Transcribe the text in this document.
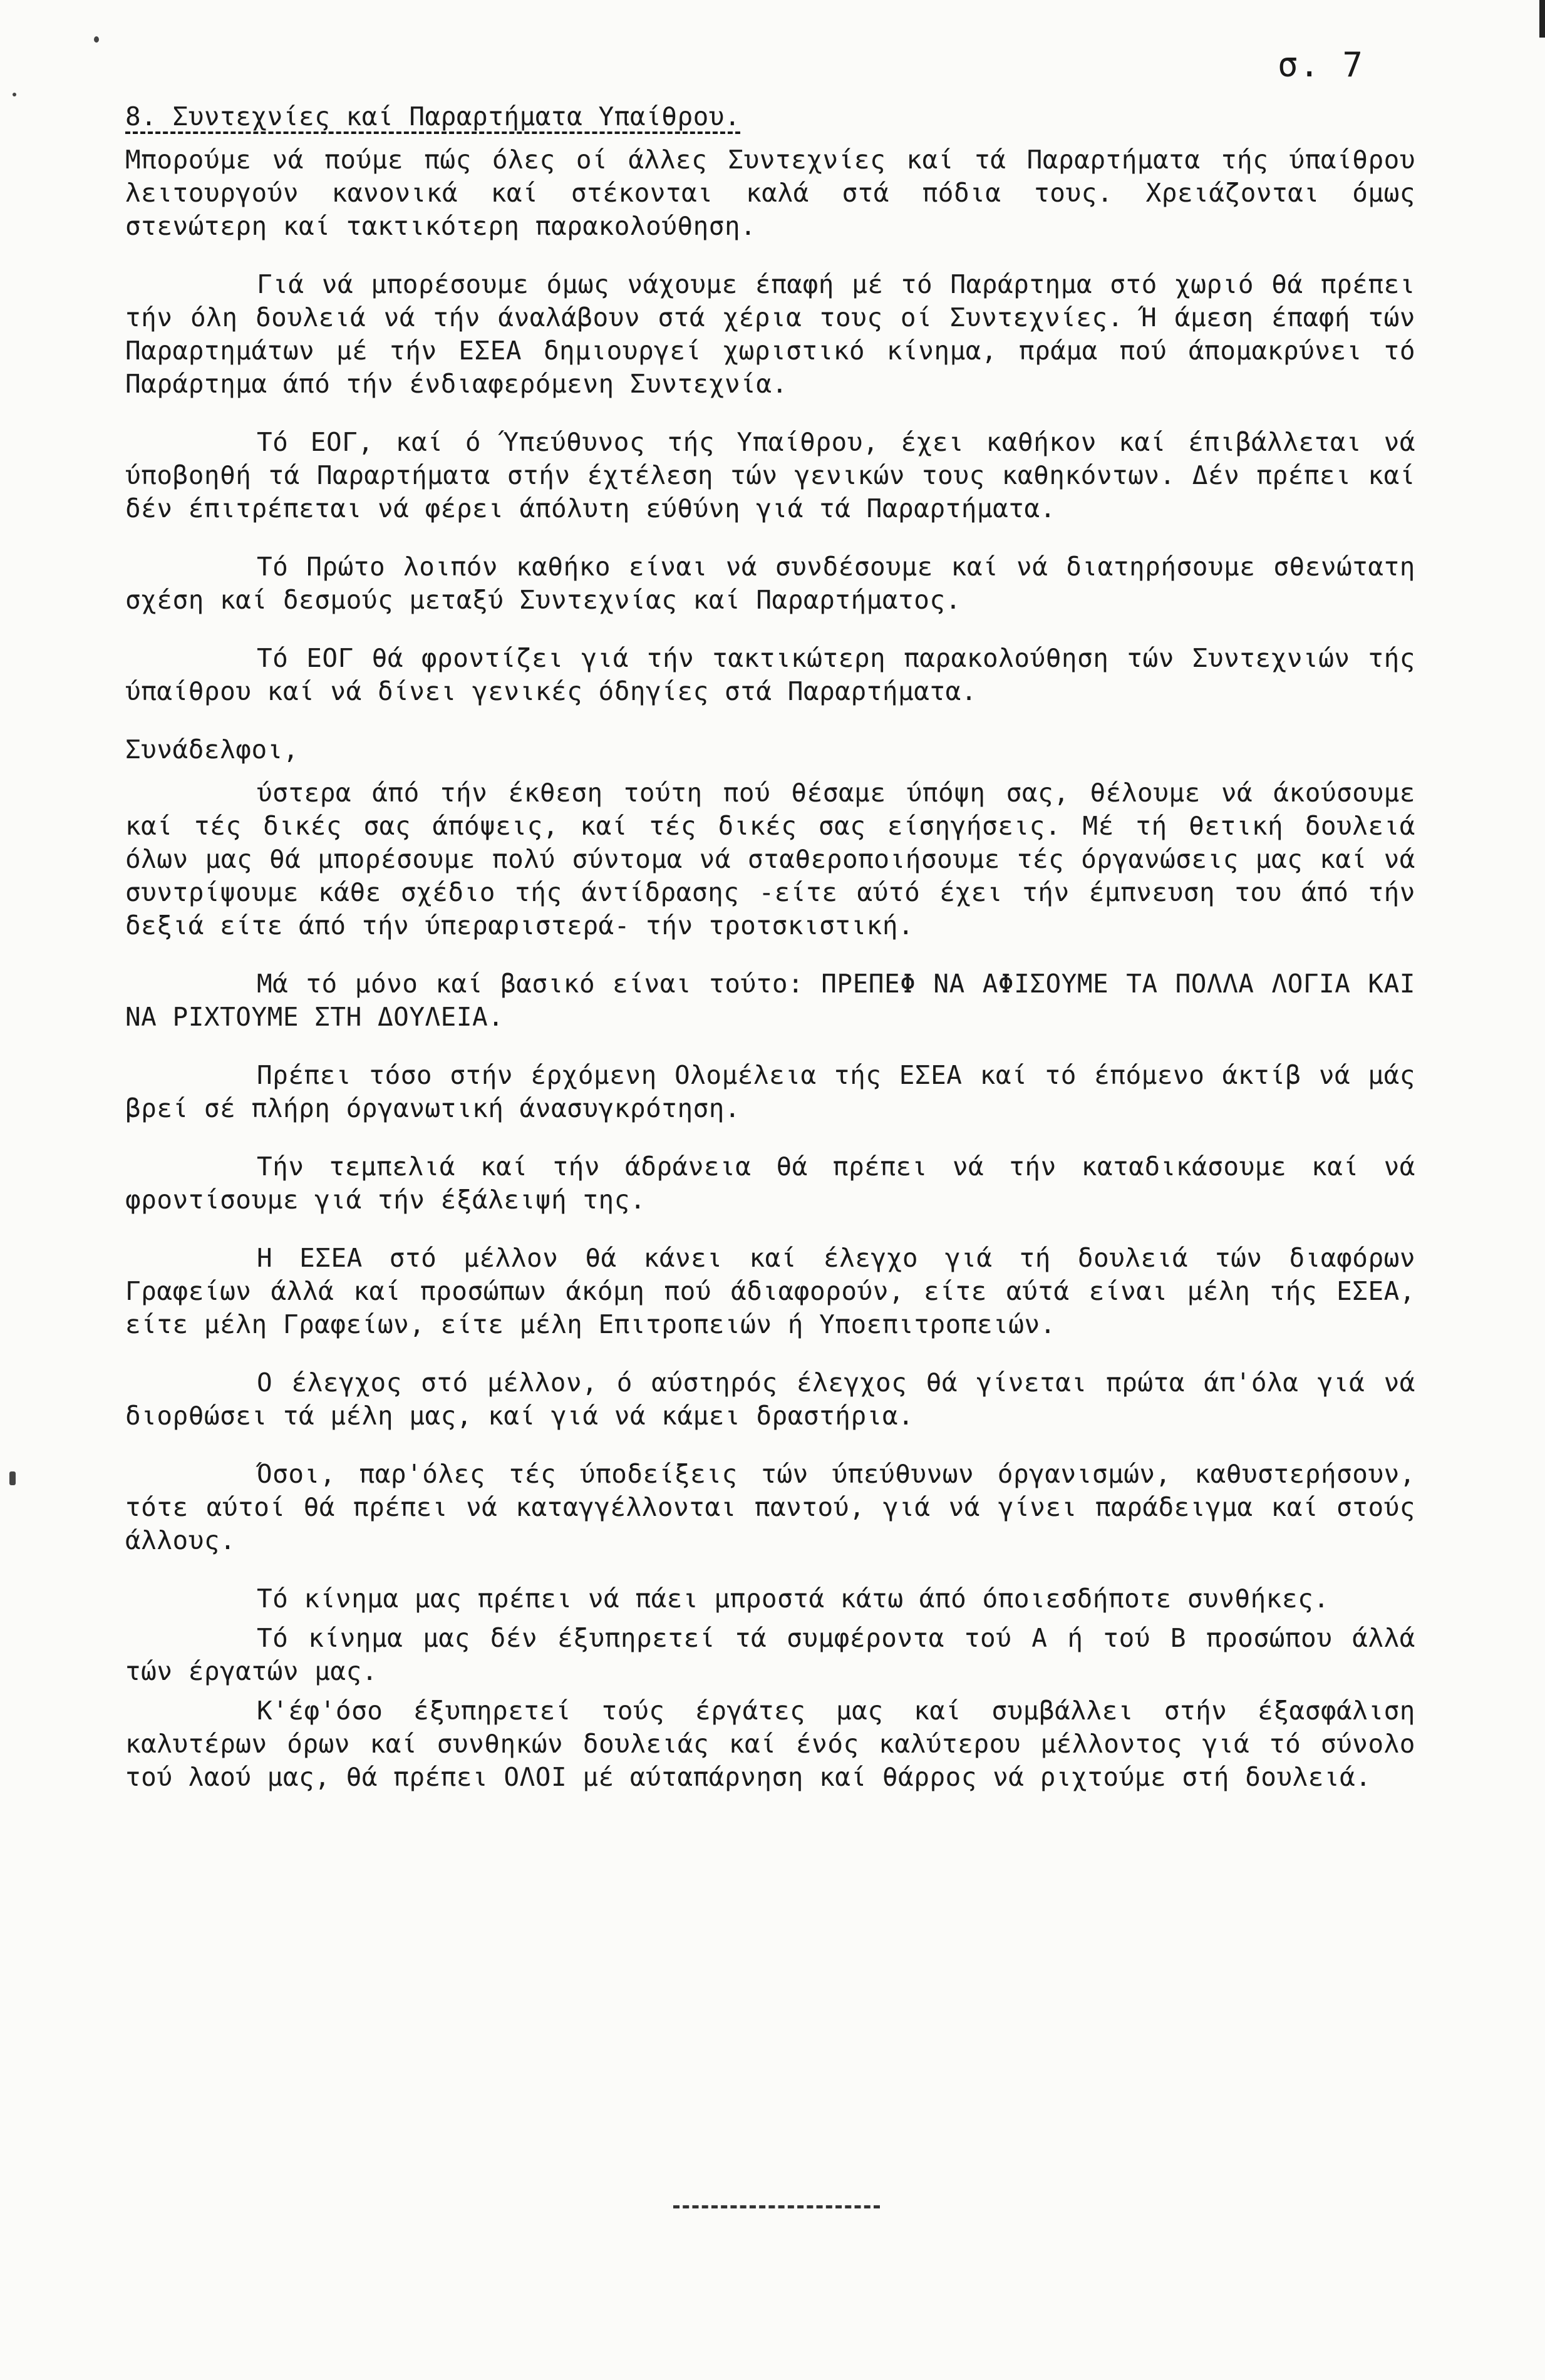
σ. 7

8. Συντεχνίες καί Παραρτήματα Υπαίθρου.

Μπορούμε νά πούμε πώς όλες οί άλλες Συντεχνίες καί τά Παραρτήματα τής ύπαίθρου λειτουργούν κανονικά καί στέκονται καλά στά πόδια τους. Χρειάζονται όμως στενώτερη καί τακτικότερη παρακολούθηση.

Γιά νά μπορέσουμε όμως νάχουμε έπαφή μέ τό Παράρτημα στό χωριό θά πρέπει τήν όλη δουλειά νά τήν άναλάβουν στά χέρια τους οί Συντεχνίες. Ή άμεση έπαφή τών Παραρτημάτων μέ τήν ΕΣΕΑ δημιουργεί χωριστικό κίνημα, πράμα πού άπομακρύνει τό Παράρτημα άπό τήν ένδιαφερόμενη Συντεχνία.

Τό ΕΟΓ, καί ό Ύπεύθυνος τής Υπαίθρου, έχει καθήκον καί έπιβάλλεται νά ύποβοηθή τά Παραρτήματα στήν έχτέλεση τών γενικών τους καθηκόντων. Δέν πρέπει καί δέν έπιτρέπεται νά φέρει άπόλυτη εύθύνη γιά τά Παραρτήματα.

Τό Πρώτο λοιπόν καθήκο είναι νά συνδέσουμε καί νά διατηρήσουμε σθενώτατη σχέση καί δεσμούς μεταξύ Συντεχνίας καί Παραρτήματος.

Τό ΕΟΓ θά φροντίζει γιά τήν τακτικώτερη παρακολούθηση τών Συντεχνιών τής ύπαίθρου καί νά δίνει γενικές όδηγίες στά Παραρτήματα.

Συνάδελφοι,

ύστερα άπό τήν έκθεση τούτη πού θέσαμε ύπόψη σας, θέλουμε νά άκούσουμε καί τές δικές σας άπόψεις, καί τές δικές σας είσηγήσεις. Μέ τή θετική δουλειά όλων μας θά μπορέσουμε πολύ σύντομα νά σταθεροποιήσουμε τές όργανώσεις μας καί νά συντρίψουμε κάθε σχέδιο τής άντίδρασης -είτε αύτό έχει τήν έμπνευση του άπό τήν δεξιά είτε άπό τήν ύπεραριστερά- τήν τροτσκιστική.

Μά τό μόνο καί βασικό είναι τούτο: ΠΡΕΠΕΦ ΝΑ ΑΦΙΣΟΥΜΕ ΤΑ ΠΟΛΛΑ ΛΟΓΙΑ ΚΑΙ ΝΑ ΡΙΧΤΟΥΜΕ ΣΤΗ ΔΟΥΛΕΙΑ.

Πρέπει τόσο στήν έρχόμενη Ολομέλεια τής ΕΣΕΑ καί τό έπόμενο άκτίβ νά μάς βρεί σέ πλήρη όργανωτική άνασυγκρότηση.

Τήν τεμπελιά καί τήν άδράνεια θά πρέπει νά τήν καταδικάσουμε καί νά φροντίσουμε γιά τήν έξάλειψή της.

Η ΕΣΕΑ στό μέλλον θά κάνει καί έλεγχο γιά τή δουλειά τών διαφόρων Γραφείων άλλά καί προσώπων άκόμη πού άδιαφορούν, είτε αύτά είναι μέλη τής ΕΣΕΑ, είτε μέλη Γραφείων, είτε μέλη Επιτροπειών ή Υποεπιτροπειών.

Ο έλεγχος στό μέλλον, ό αύστηρός έλεγχος θά γίνεται πρώτα άπ'όλα γιά νά διορθώσει τά μέλη μας, καί γιά νά κάμει δραστήρια.

Όσοι, παρ'όλες τές ύποδείξεις τών ύπεύθυνων όργανισμών, καθυστερήσουν, τότε αύτοί θά πρέπει νά καταγγέλλονται παντού, γιά νά γίνει παράδειγμα καί στούς άλλους.

Τό κίνημα μας πρέπει νά πάει μπροστά κάτω άπό όποιεσδήποτε συνθήκες.

Τό κίνημα μας δέν έξυπηρετεί τά συμφέροντα τού Α ή τού Β προσώπου άλλά τών έργατών μας.

Κ'έφ'όσο έξυπηρετεί τούς έργάτες μας καί συμβάλλει στήν έξασφάλιση καλυτέρων όρων καί συνθηκών δουλειάς καί ένός καλύτερου μέλλοντος γιά τό σύνολο τού λαού μας, θά πρέπει ΟΛΟΙ μέ αύταπάρνηση καί θάρρος νά ριχτούμε στή δουλειά.
